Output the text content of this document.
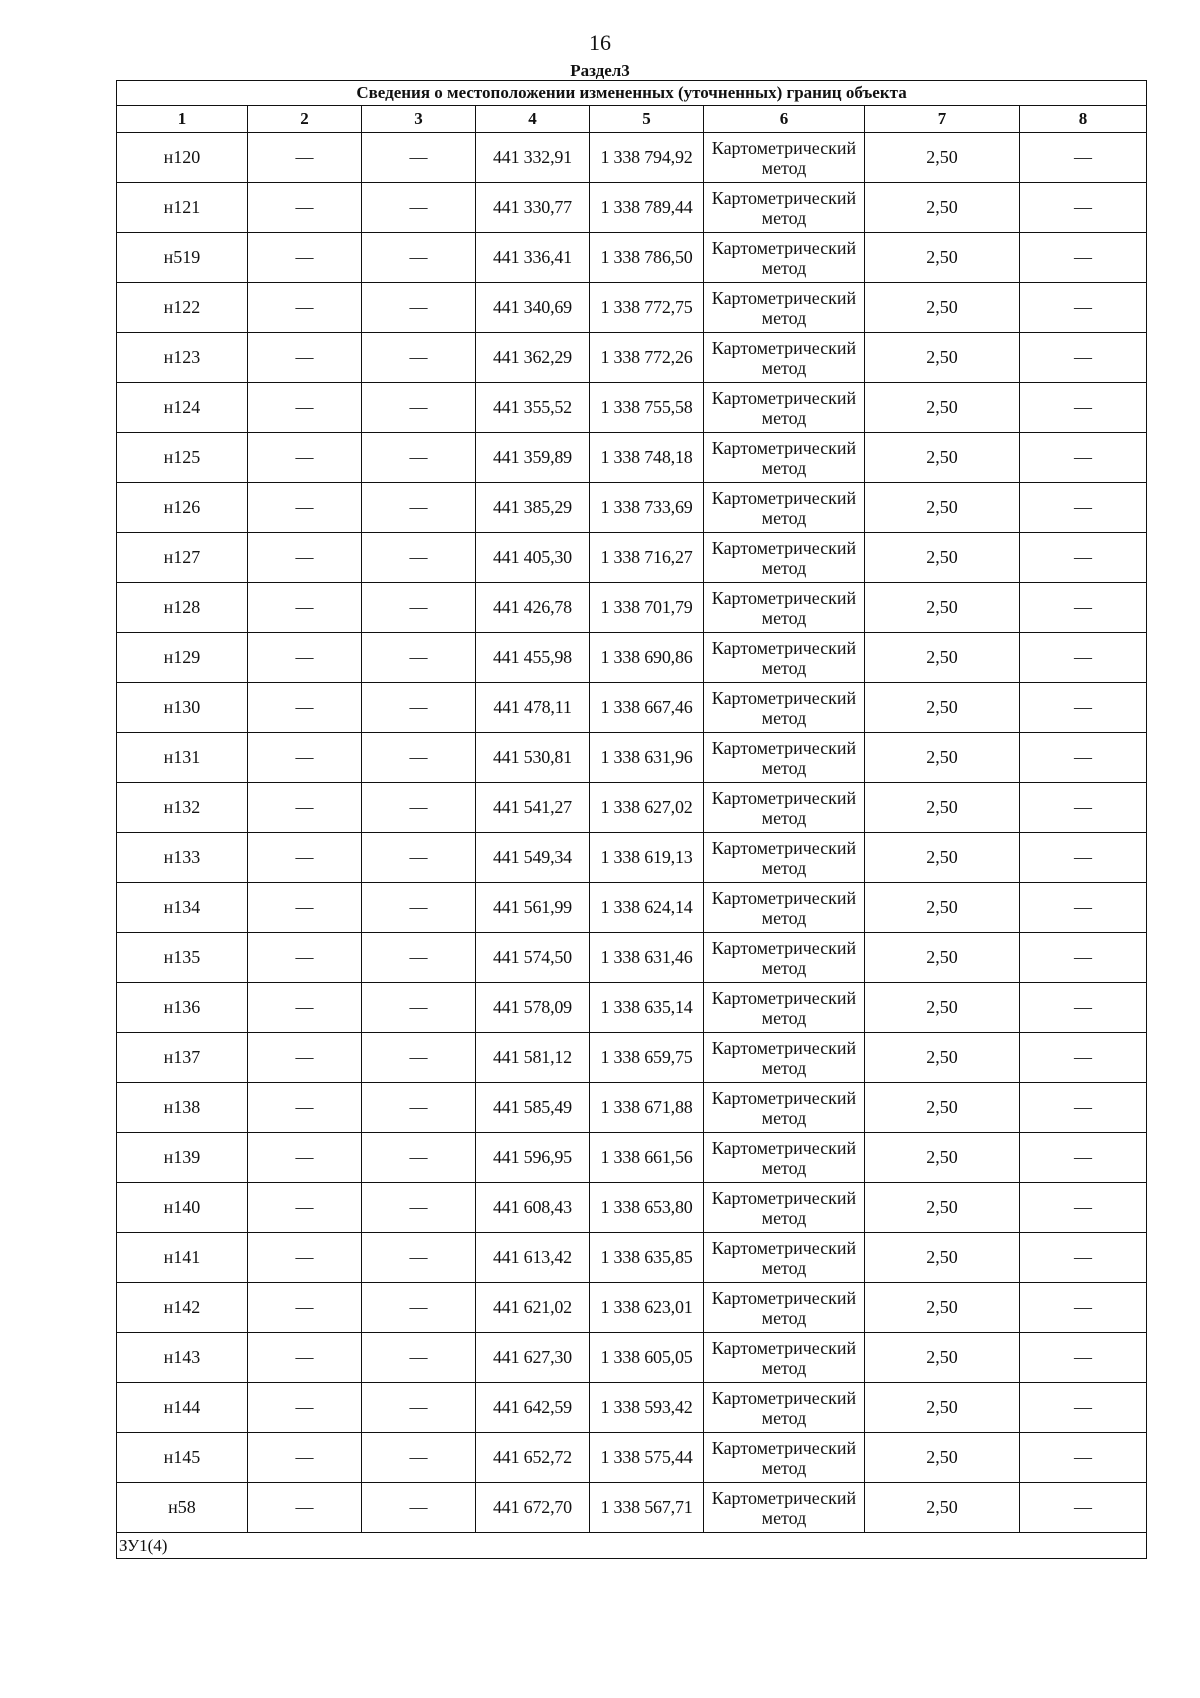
16
Раздел3
Сведения о местоположении измененных (уточненных) границ объекта							
1	2	3	4	5	6	7	8
н120	—	—	441 332,91	1 338 794,92	Картометрический метод	2,50	—
н121	—	—	441 330,77	1 338 789,44	Картометрический метод	2,50	—
н519	—	—	441 336,41	1 338 786,50	Картометрический метод	2,50	—
н122	—	—	441 340,69	1 338 772,75	Картометрический метод	2,50	—
н123	—	—	441 362,29	1 338 772,26	Картометрический метод	2,50	—
н124	—	—	441 355,52	1 338 755,58	Картометрический метод	2,50	—
н125	—	—	441 359,89	1 338 748,18	Картометрический метод	2,50	—
н126	—	—	441 385,29	1 338 733,69	Картометрический метод	2,50	—
н127	—	—	441 405,30	1 338 716,27	Картометрический метод	2,50	—
н128	—	—	441 426,78	1 338 701,79	Картометрический метод	2,50	—
н129	—	—	441 455,98	1 338 690,86	Картометрический метод	2,50	—
н130	—	—	441 478,11	1 338 667,46	Картометрический метод	2,50	—
н131	—	—	441 530,81	1 338 631,96	Картометрический метод	2,50	—
н132	—	—	441 541,27	1 338 627,02	Картометрический метод	2,50	—
н133	—	—	441 549,34	1 338 619,13	Картометрический метод	2,50	—
н134	—	—	441 561,99	1 338 624,14	Картометрический метод	2,50	—
н135	—	—	441 574,50	1 338 631,46	Картометрический метод	2,50	—
н136	—	—	441 578,09	1 338 635,14	Картометрический метод	2,50	—
н137	—	—	441 581,12	1 338 659,75	Картометрический метод	2,50	—
н138	—	—	441 585,49	1 338 671,88	Картометрический метод	2,50	—
н139	—	—	441 596,95	1 338 661,56	Картометрический метод	2,50	—
н140	—	—	441 608,43	1 338 653,80	Картометрический метод	2,50	—
н141	—	—	441 613,42	1 338 635,85	Картометрический метод	2,50	—
н142	—	—	441 621,02	1 338 623,01	Картометрический метод	2,50	—
н143	—	—	441 627,30	1 338 605,05	Картометрический метод	2,50	—
н144	—	—	441 642,59	1 338 593,42	Картометрический метод	2,50	—
н145	—	—	441 652,72	1 338 575,44	Картометрический метод	2,50	—
н58	—	—	441 672,70	1 338 567,71	Картометрический метод	2,50	—
ЗУ1(4)							
